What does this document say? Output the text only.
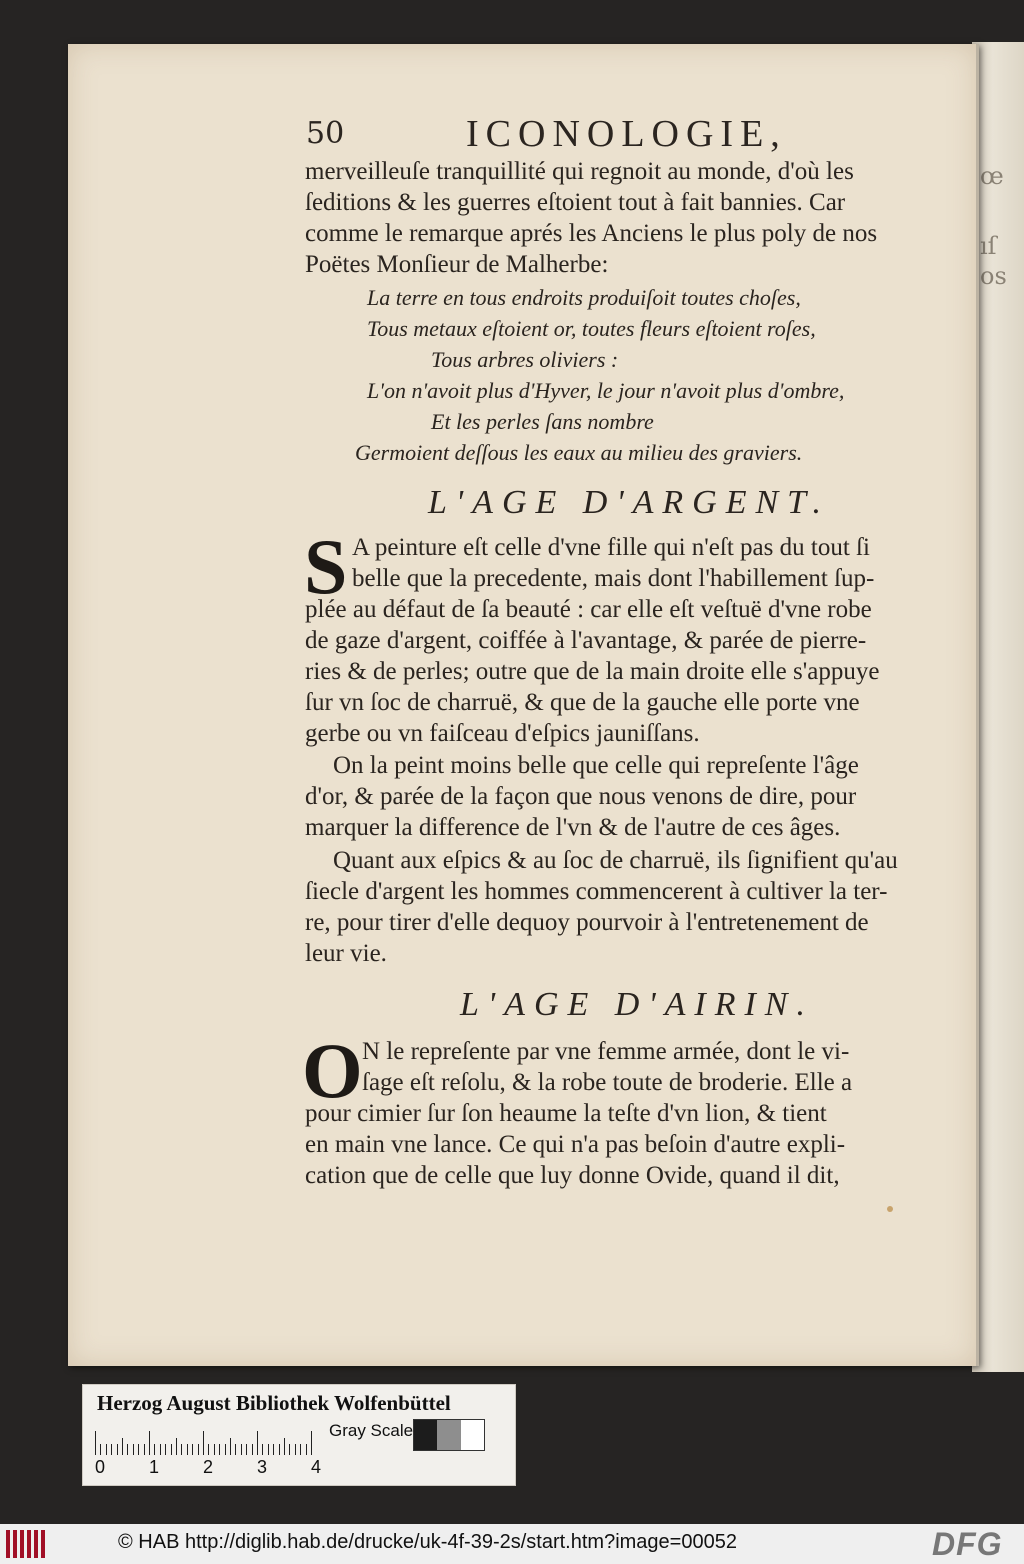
œ
ıſ
os
50	ICONOLOGIE,
merveilleuſe tranquillité qui regnoit au monde, d'où les
ſeditions & les guerres eſtoient tout à fait bannies. Car
comme le remarque aprés les Anciens le plus poly de nos
Poëtes Monſieur de Malherbe:
La terre en tous endroits produiſoit toutes choſes,
Tous metaux eſtoient or, toutes fleurs eſtoient roſes,
Tous arbres oliviers :
L'on n'avoit plus d'Hyver, le jour n'avoit plus d'ombre,
Et les perles ſans nombre
Germoient deſſous les eaux au milieu des graviers.
L'AGE D'ARGENT.
S A peinture eſt celle d'vne fille qui n'eſt pas du tout ſi
belle que la precedente, mais dont l'habillement ſup-
plée au défaut de ſa beauté : car elle eſt veſtuë d'vne robe
de gaze d'argent, coiffée à l'avantage, & parée de pierre-
ries & de perles; outre que de la main droite elle s'appuye
ſur vn ſoc de charruë, & que de la gauche elle porte vne
gerbe ou vn faiſceau d'eſpics jauniſſans.
On la peint moins belle que celle qui repreſente l'âge
d'or, & parée de la façon que nous venons de dire, pour
marquer la difference de l'vn & de l'autre de ces âges.
Quant aux eſpics & au ſoc de charruë, ils ſignifient qu'au
ſiecle d'argent les hommes commencerent à cultiver la ter-
re, pour tirer d'elle dequoy pourvoir à l'entretenement de
leur vie.
L'AGE D'AIRIN.
O N le repreſente par vne femme armée, dont le vi-
ſage eſt reſolu, & la robe toute de broderie. Elle a
pour cimier ſur ſon heaume la teſte d'vn lion, & tient
en main vne lance. Ce qui n'a pas beſoin d'autre expli-
cation que de celle que luy donne Ovide, quand il dit,
Herzog August Bibliothek Wolfenbüttel
0 1 2 3 4
Gray Scale
© HAB http://diglib.hab.de/drucke/uk-4f-39-2s/start.htm?image=00052	DFG
